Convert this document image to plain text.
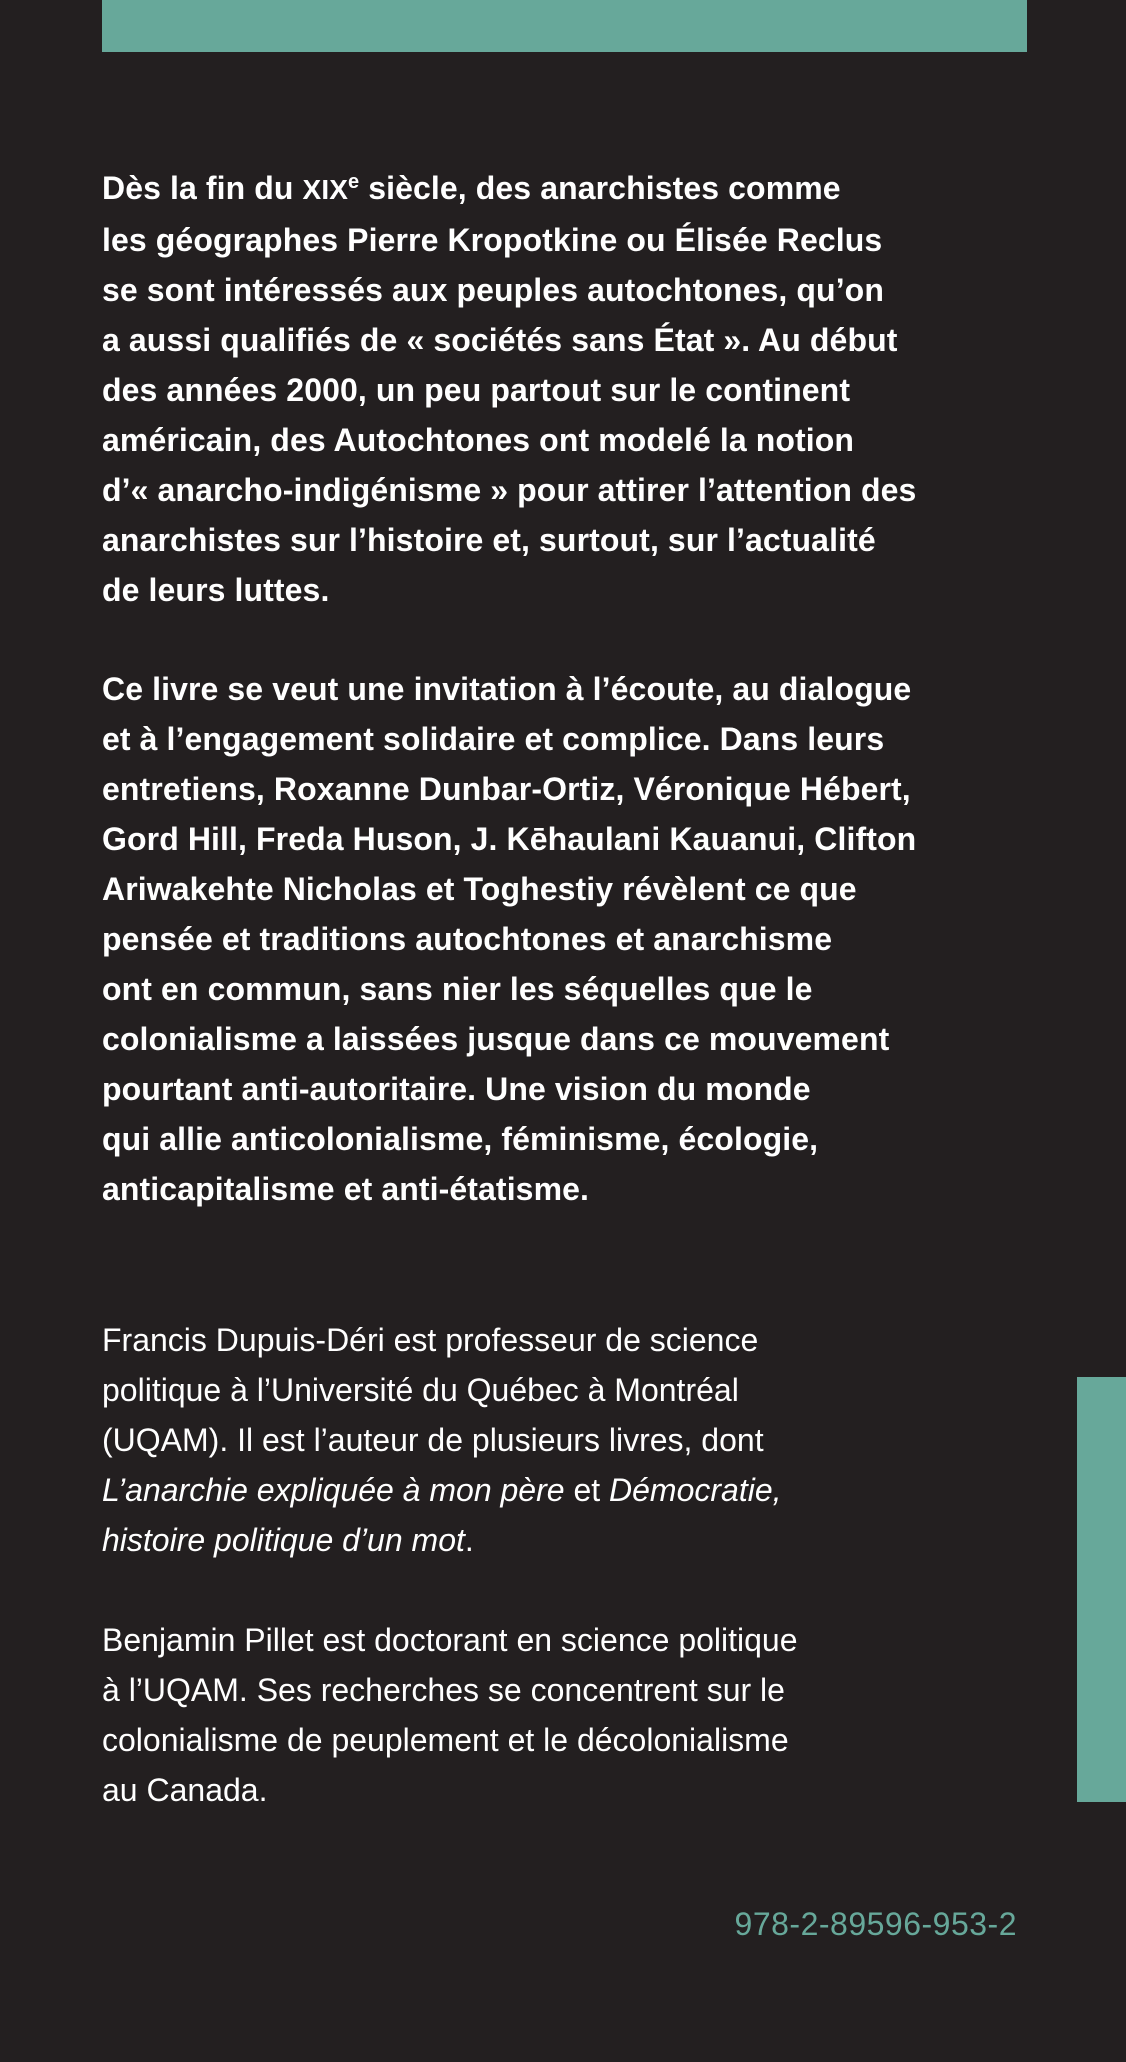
Dès la fin du XIXe siècle, des anarchistes comme
les géographes Pierre Kropotkine ou Élisée Reclus
se sont intéressés aux peuples autochtones, qu’on
a aussi qualifiés de « sociétés sans État ». Au début
des années 2000, un peu partout sur le continent
américain, des Autochtones ont modelé la notion
d’« anarcho-indigénisme » pour attirer l’attention des
anarchistes sur l’histoire et, surtout, sur l’actualité
de leurs luttes.
Ce livre se veut une invitation à l’écoute, au dialogue
et à l’engagement solidaire et complice. Dans leurs
entretiens, Roxanne Dunbar-Ortiz, Véronique Hébert,
Gord Hill, Freda Huson, J. Kēhaulani Kauanui, Clifton
Ariwakehte Nicholas et Toghestiy révèlent ce que
pensée et traditions autochtones et anarchisme
ont en commun, sans nier les séquelles que le
colonialisme a laissées jusque dans ce mouvement
pourtant anti-autoritaire. Une vision du monde
qui allie anticolonialisme, féminisme, écologie,
anticapitalisme et anti-étatisme.
Francis Dupuis-Déri est professeur de science
politique à l’Université du Québec à Montréal
(UQAM). Il est l’auteur de plusieurs livres, dont
L’anarchie expliquée à mon père et Démocratie,
histoire politique d’un mot.
Benjamin Pillet est doctorant en science politique
à l’UQAM. Ses recherches se concentrent sur le
colonialisme de peuplement et le décolonialisme
au Canada.
978-2-89596-953-2
